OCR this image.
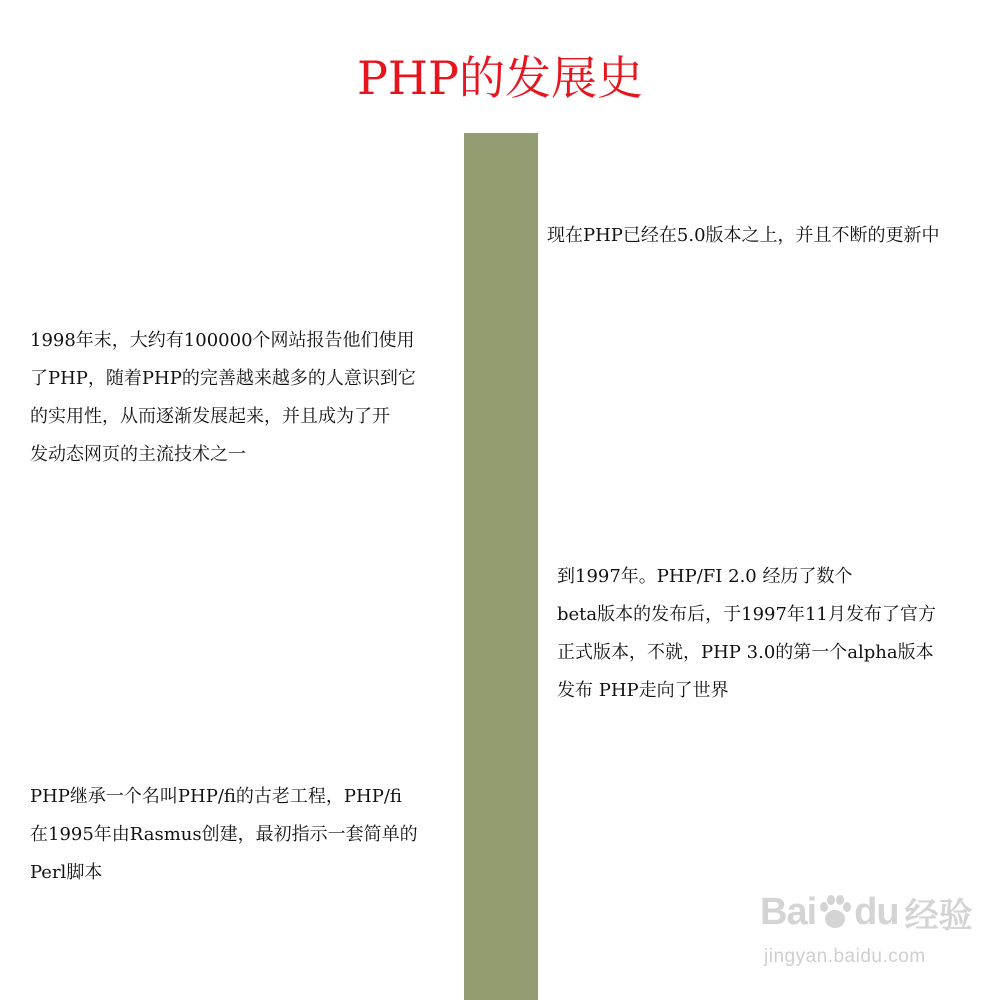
PHP的发展史
现在PHP已经在5.0版本之上，并且不断的更新中
1998年末，大约有100000个网站报告他们使用
了PHP，随着PHP的完善越来越多的人意识到它
的实用性，从而逐渐发展起来，并且成为了开
发动态网页的主流技术之一
到1997年。PHP/FI 2.0 经历了数个
beta版本的发布后，于1997年11月发布了官方
正式版本，不就，PHP 3.0的第一个alpha版本
发布 PHP走向了世界
PHP继承一个名叫PHP/fi的古老工程，PHP/fi
在1995年由Rasmus创建，最初指示一套简单的
Perl脚本
Bai du 经验
jingyan.baidu.com
